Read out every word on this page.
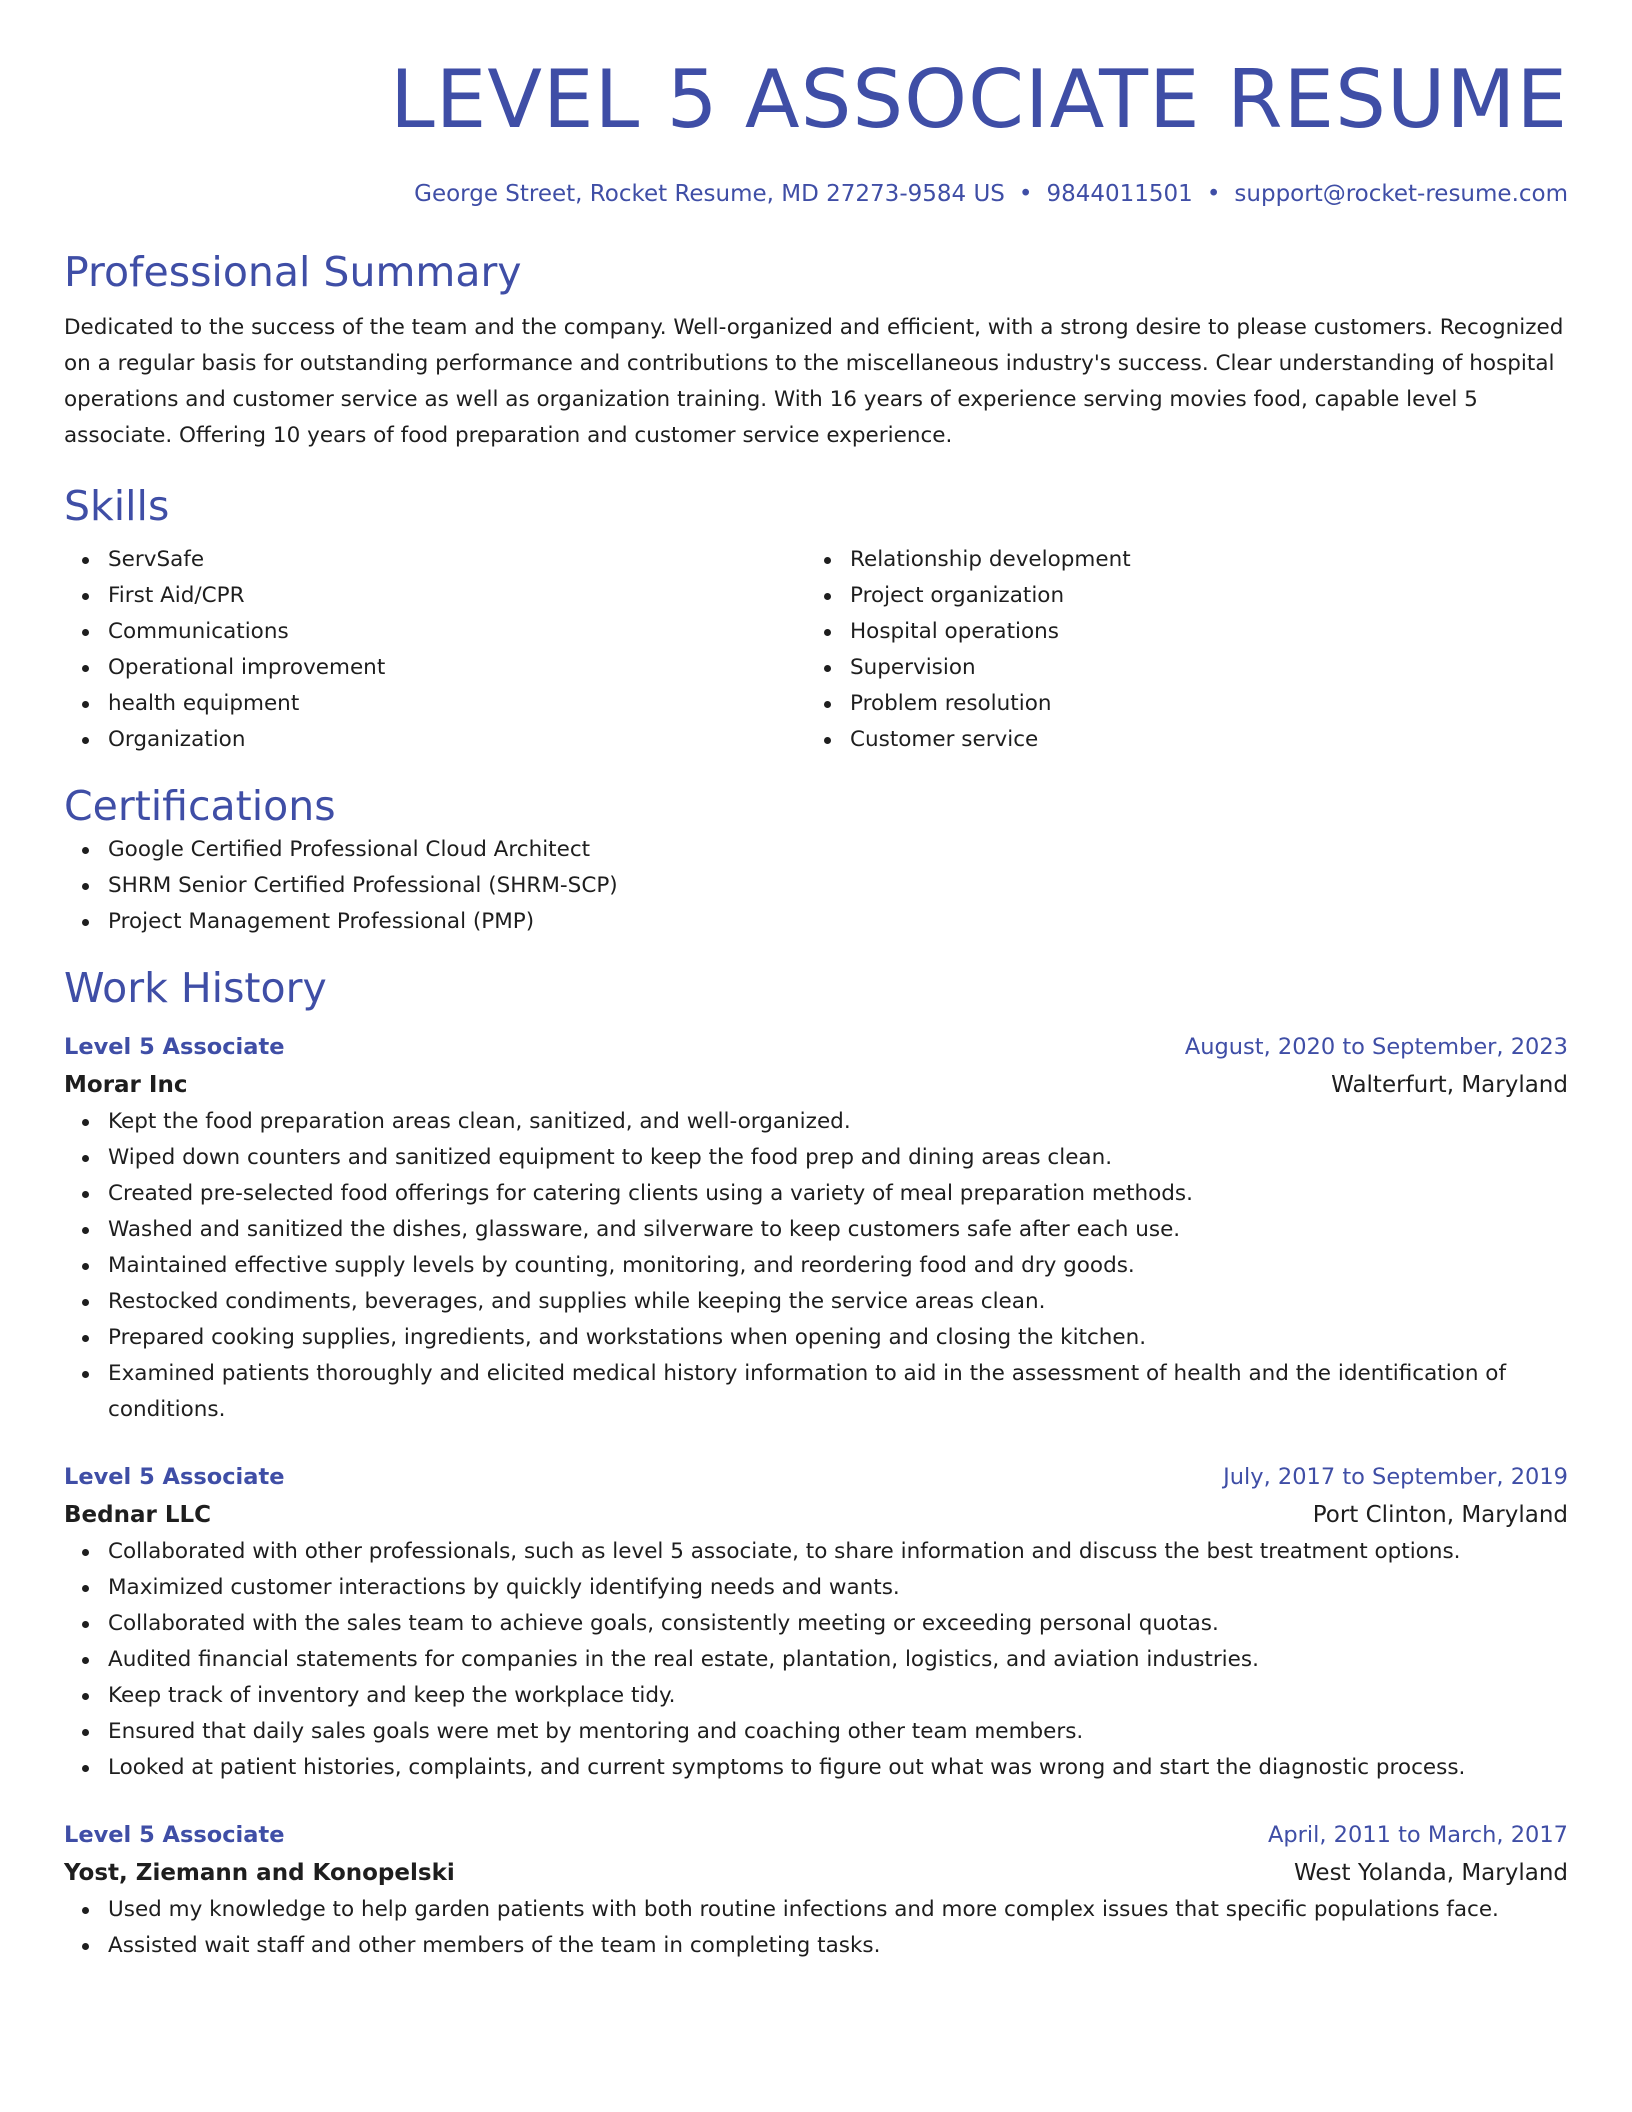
LEVEL 5 ASSOCIATE RESUME
George Street, Rocket Resume, MD 27273-9584 US • 9844011501 • support@rocket-resume.com
Professional Summary
Dedicated to the success of the team and the company. Well-organized and efficient, with a strong desire to please customers. Recognized on a regular basis for outstanding performance and contributions to the miscellaneous industry's success. Clear understanding of hospital operations and customer service as well as organization training. With 16 years of experience serving movies food, capable level 5 associate. Offering 10 years of food preparation and customer service experience.
Skills
ServSafe
First Aid/CPR
Communications
Operational improvement
health equipment
Organization
Relationship development
Project organization
Hospital operations
Supervision
Problem resolution
Customer service
Certifications
Google Certified Professional Cloud Architect
SHRM Senior Certified Professional (SHRM-SCP)
Project Management Professional (PMP)
Work History
Level 5 Associate	August, 2020 to September, 2023
Morar Inc	Walterfurt, Maryland
Kept the food preparation areas clean, sanitized, and well-organized.
Wiped down counters and sanitized equipment to keep the food prep and dining areas clean.
Created pre-selected food offerings for catering clients using a variety of meal preparation methods.
Washed and sanitized the dishes, glassware, and silverware to keep customers safe after each use.
Maintained effective supply levels by counting, monitoring, and reordering food and dry goods.
Restocked condiments, beverages, and supplies while keeping the service areas clean.
Prepared cooking supplies, ingredients, and workstations when opening and closing the kitchen.
Examined patients thoroughly and elicited medical history information to aid in the assessment of health and the identification of conditions.
Level 5 Associate	July, 2017 to September, 2019
Bednar LLC	Port Clinton, Maryland
Collaborated with other professionals, such as level 5 associate, to share information and discuss the best treatment options.
Maximized customer interactions by quickly identifying needs and wants.
Collaborated with the sales team to achieve goals, consistently meeting or exceeding personal quotas.
Audited financial statements for companies in the real estate, plantation, logistics, and aviation industries.
Keep track of inventory and keep the workplace tidy.
Ensured that daily sales goals were met by mentoring and coaching other team members.
Looked at patient histories, complaints, and current symptoms to figure out what was wrong and start the diagnostic process.
Level 5 Associate	April, 2011 to March, 2017
Yost, Ziemann and Konopelski	West Yolanda, Maryland
Used my knowledge to help garden patients with both routine infections and more complex issues that specific populations face.
Assisted wait staff and other members of the team in completing tasks.
